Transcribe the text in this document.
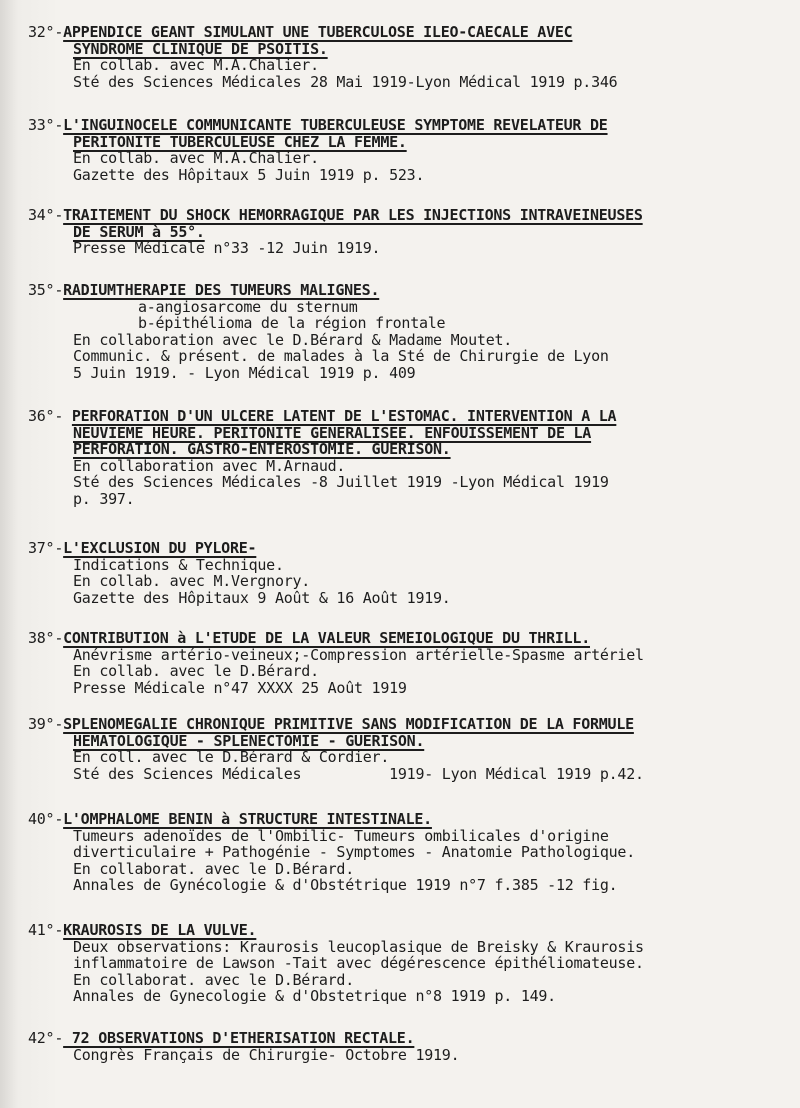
32°-APPENDICE GEANT SIMULANT UNE TUBERCULOSE ILEO-CAECALE AVEC
SYNDROME CLINIQUE DE PSOITIS.
En collab. avec M.A.Chalier.
Sté des Sciences Médicales 28 Mai 1919-Lyon Médical 1919 p.346
33°-L'INGUINOCELE COMMUNICANTE TUBERCULEUSE SYMPTOME REVELATEUR DE
PERITONITE TUBERCULEUSE CHEZ LA FEMME.
En collab. avec M.A.Chalier.
Gazette des Hôpitaux 5 Juin 1919 p. 523.
34°-TRAITEMENT DU SHOCK HEMORRAGIQUE PAR LES INJECTIONS INTRAVEINEUSES
DE SERUM à 55°.
Presse Médicale n°33 -12 Juin 1919.
35°-RADIUMTHERAPIE DES TUMEURS MALIGNES.
a-angiosarcome du sternum
b-épithélioma de la région frontale
En collaboration avec le D.Bérard & Madame Moutet.
Communic. & présent. de malades à la Sté de Chirurgie de Lyon
5 Juin 1919. - Lyon Médical 1919 p. 409
36°- PERFORATION D'UN ULCERE LATENT DE L'ESTOMAC. INTERVENTION A LA
NEUVIEME HEURE. PERITONITE GENERALISEE. ENFOUISSEMENT DE LA
PERFORATION. GASTRO-ENTEROSTOMIE. GUERISON.
En collaboration avec M.Arnaud.
Sté des Sciences Médicales -8 Juillet 1919 -Lyon Médical 1919
p. 397.
37°-L'EXCLUSION DU PYLORE-
Indications & Technique.
En collab. avec M.Vergnory.
Gazette des Hôpitaux 9 Août & 16 Août 1919.
38°-CONTRIBUTION à L'ETUDE DE LA VALEUR SEMEIOLOGIQUE DU THRILL.
Anévrisme artério-veineux;-Compression artérielle-Spasme artériel
En collab. avec le D.Bérard.
Presse Médicale n°47 XXXX 25 Août 1919
39°-SPLENOMEGALIE CHRONIQUE PRIMITIVE SANS MODIFICATION DE LA FORMULE
HEMATOLOGIQUE - SPLENECTOMIE - GUERISON.
En coll. avec le D.Bérard & Cordier.
Sté des Sciences Médicales          1919- Lyon Médical 1919 p.42.
40°-L'OMPHALOME BENIN à STRUCTURE INTESTINALE.
Tumeurs adenoïdes de l'Ombilic- Tumeurs ombilicales d'origine
diverticulaire + Pathogénie - Symptomes - Anatomie Pathologique.
En collaborat. avec le D.Bérard.
Annales de Gynécologie & d'Obstétrique 1919 n°7 f.385 -12 fig.
41°-KRAUROSIS DE LA VULVE.
Deux observations: Kraurosis leucoplasique de Breisky & Kraurosis
inflammatoire de Lawson -Tait avec dégérescence épithéliomateuse.
En collaborat. avec le D.Bérard.
Annales de Gynecologie & d'Obstetrique n°8 1919 p. 149.
42°- 72 OBSERVATIONS D'ETHERISATION RECTALE.
Congrès Français de Chirurgie- Octobre 1919.
